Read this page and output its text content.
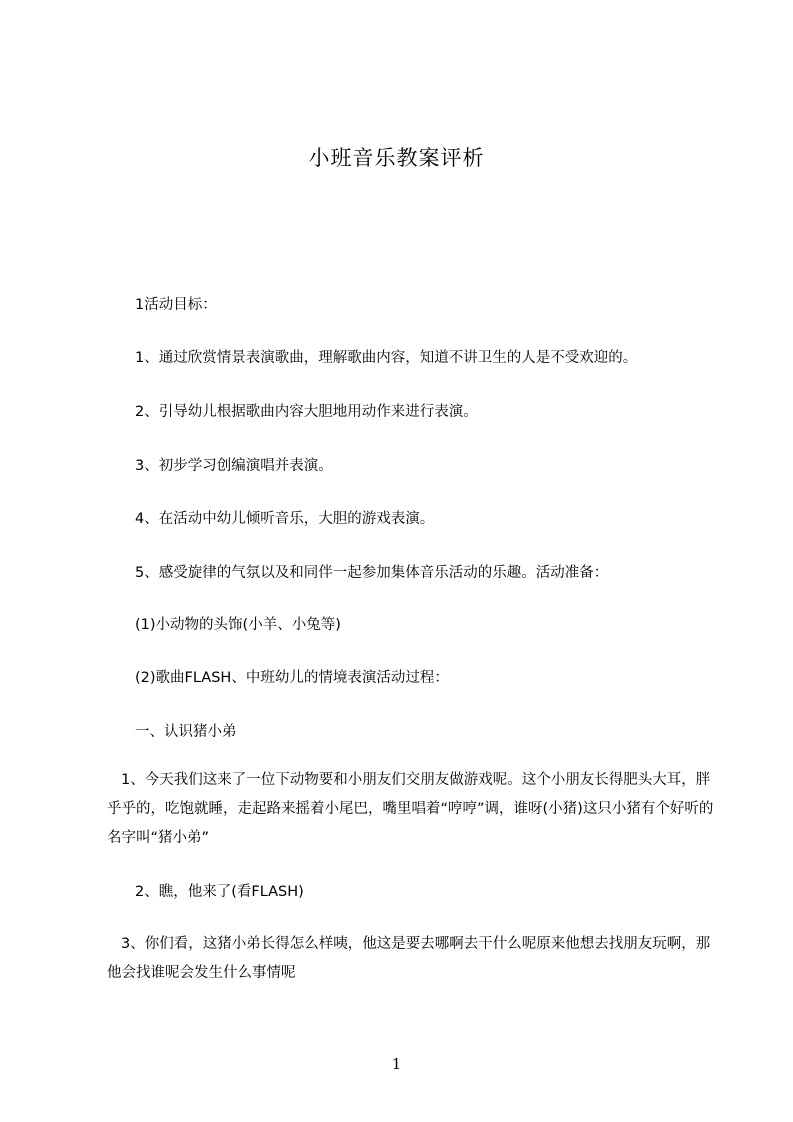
小班音乐教案评析
1活动目标：
1、通过欣赏情景表演歌曲，理解歌曲内容，知道不讲卫生的人是不受欢迎的。
2、引导幼儿根据歌曲内容大胆地用动作来进行表演。
3、初步学习创编演唱并表演。
4、在活动中幼儿倾听音乐，大胆的游戏表演。
5、感受旋律的气氛以及和同伴一起参加集体音乐活动的乐趣。活动准备：
(1)小动物的头饰(小羊、小兔等)
(2)歌曲FLASH、中班幼儿的情境表演活动过程：
一、认识猪小弟
1、今天我们这来了一位下动物要和小朋友们交朋友做游戏呢。这个小朋友长得肥头大耳，胖乎乎的，吃饱就睡，走起路来摇着小尾巴，嘴里唱着“哼哼”调，谁呀(小猪)这只小猪有个好听的名字叫“猪小弟”
2、瞧，他来了(看FLASH)
3、你们看，这猪小弟长得怎么样咦，他这是要去哪啊去干什么呢原来他想去找朋友玩啊，那他会找谁呢会发生什么事情呢
1
